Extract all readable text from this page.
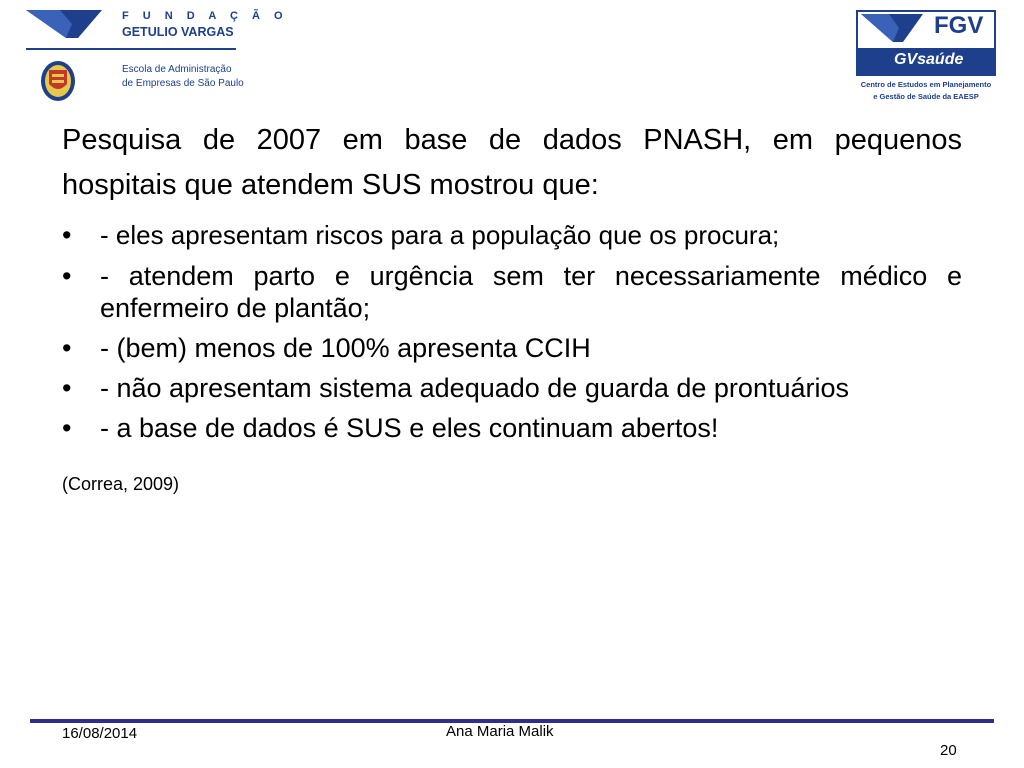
F U N D A Ç Ã O
GETULIO VARGAS
Escola de Administração
de Empresas de São Paulo
FGV
GVsaúde
Centro de Estudos em Planejamento
e Gestão de Saúde da EAESP

Pesquisa de 2007 em base de dados PNASH, em pequenos hospitais que atendem SUS mostrou que:

• - eles apresentam riscos para a população que os procura;
• - atendem parto e urgência sem ter necessariamente médico e enfermeiro de plantão;
• - (bem) menos de 100% apresenta CCIH
• - não apresentam sistema adequado de guarda de prontuários
• - a base de dados é SUS e eles continuam abertos!

(Correa, 2009)

16/08/2014	Ana Maria Malik
20
